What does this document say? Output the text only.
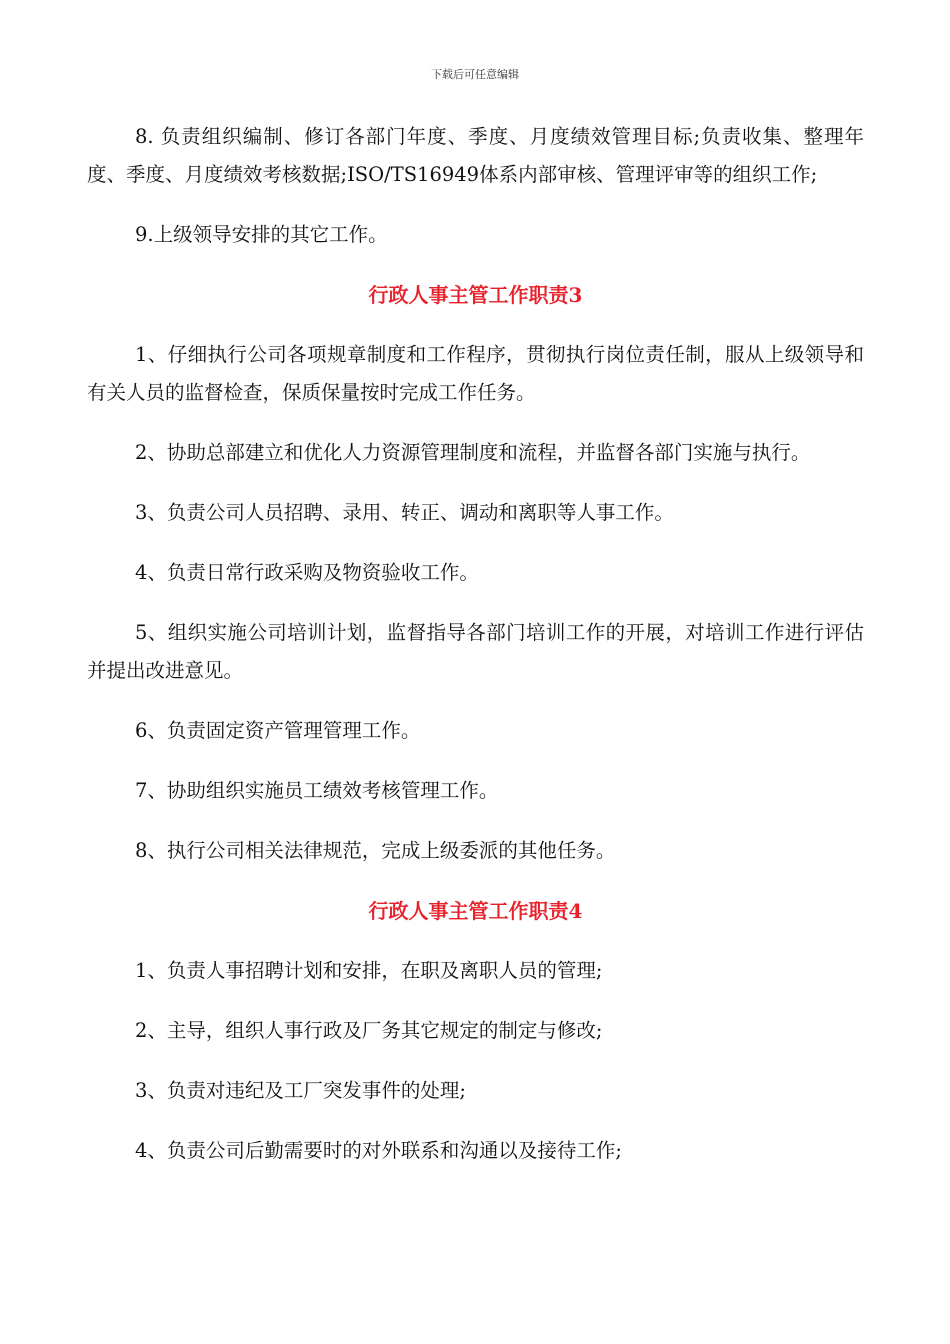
下载后可任意编辑

8. 负责组织编制、修订各部门年度、季度、月度绩效管理目标;负责收集、整理年度、季度、月度绩效考核数据;ISO/TS16949体系内部审核、管理评审等的组织工作;

9.上级领导安排的其它工作。

行政人事主管工作职责3

1、仔细执行公司各项规章制度和工作程序，贯彻执行岗位责任制，服从上级领导和有关人员的监督检查，保质保量按时完成工作任务。

2、协助总部建立和优化人力资源管理制度和流程，并监督各部门实施与执行。

3、负责公司人员招聘、录用、转正、调动和离职等人事工作。

4、负责日常行政采购及物资验收工作。

5、组织实施公司培训计划，监督指导各部门培训工作的开展，对培训工作进行评估并提出改进意见。

6、负责固定资产管理管理工作。

7、协助组织实施员工绩效考核管理工作。

8、执行公司相关法律规范，完成上级委派的其他任务。

行政人事主管工作职责4

1、负责人事招聘计划和安排，在职及离职人员的管理;

2、主导，组织人事行政及厂务其它规定的制定与修改;

3、负责对违纪及工厂突发事件的处理;

4、负责公司后勤需要时的对外联系和沟通以及接待工作;
